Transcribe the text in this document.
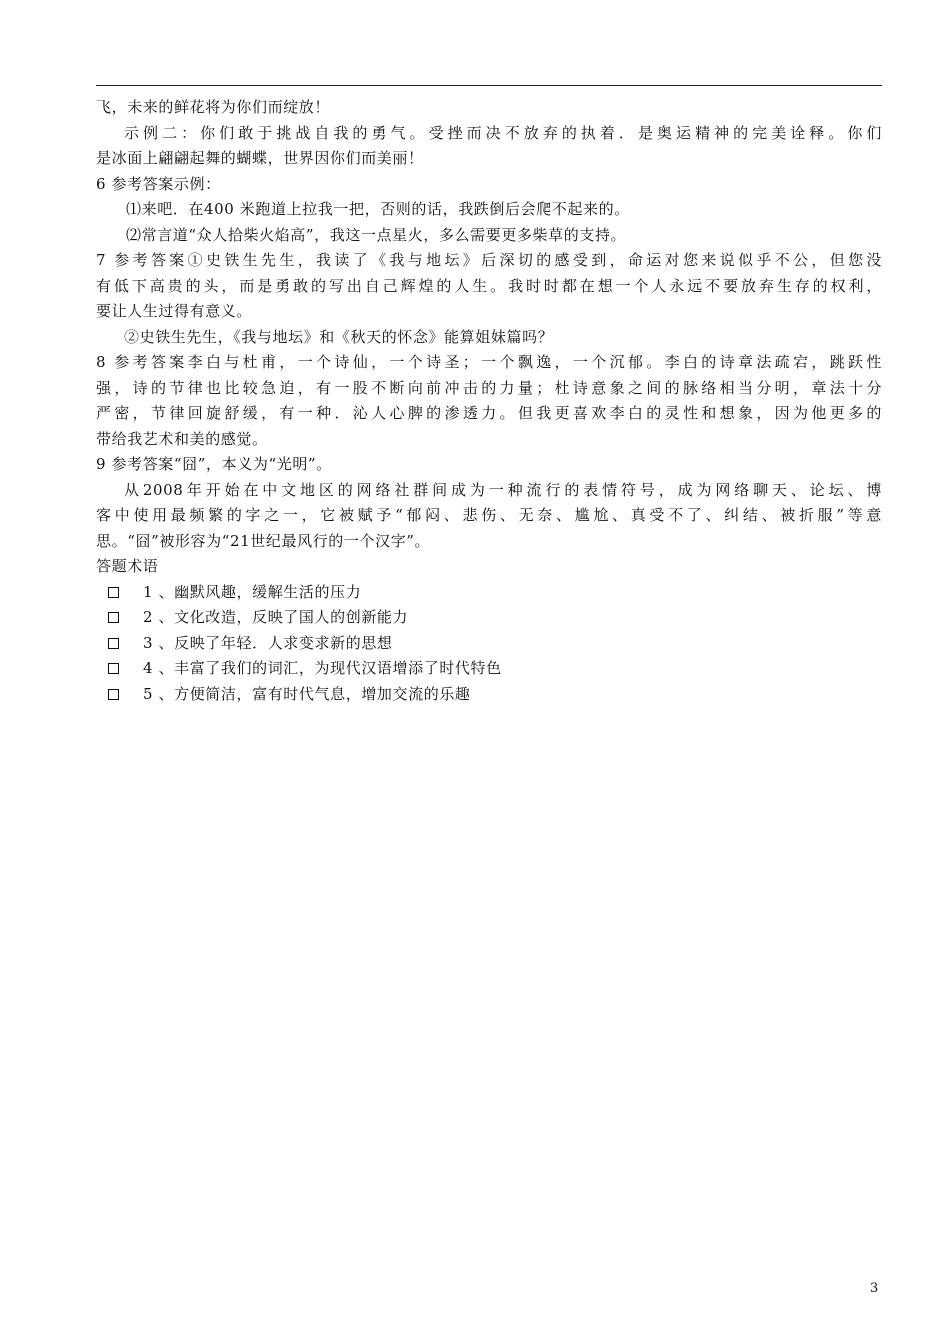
飞，未来的鲜花将为你们而绽放！
示例二：你们敢于挑战自我的勇气。受挫而决不放弃的执着．是奥运精神的完美诠释。你们
是冰面上翩翩起舞的蝴蝶，世界因你们而美丽！
6 参考答案示例：
⑴来吧．在400 米跑道上拉我一把，否则的话，我跌倒后会爬不起来的。
⑵常言道“众人拾柴火焰高”，我这一点星火，多么需要更多柴草的支持。
7 参考答案①史铁生先生，我读了《我与地坛》后深切的感受到，命运对您来说似乎不公，但您没
有低下高贵的头，而是勇敢的写出自己辉煌的人生。我时时都在想一个人永远不要放弃生存的权利，
要让人生过得有意义。
②史铁生先生，《我与地坛》和《秋天的怀念》能算姐妹篇吗？
8 参考答案李白与杜甫，一个诗仙，一个诗圣；一个飘逸，一个沉郁。李白的诗章法疏宕，跳跃性
强，诗的节律也比较急迫，有一股不断向前冲击的力量；杜诗意象之间的脉络相当分明，章法十分
严密，节律回旋舒缓，有一种．沁人心脾的渗透力。但我更喜欢李白的灵性和想象，因为他更多的
带给我艺术和美的感觉。
9 参考答案“囧”，本义为“光明”。
从2008年开始在中文地区的网络社群间成为一种流行的表情符号，成为网络聊天、论坛、博
客中使用最频繁的字之一，它被赋予“郁闷、悲伤、无奈、尴尬、真受不了、纠结、被折服”等意
思。“囧”被形容为“21世纪最风行的一个汉字”。
答题术语
1 、幽默风趣，缓解生活的压力
2 、文化改造，反映了国人的创新能力
3 、反映了年轻．人求变求新的思想
4 、丰富了我们的词汇，为现代汉语增添了时代特色
5 、方便简洁，富有时代气息，增加交流的乐趣
3
